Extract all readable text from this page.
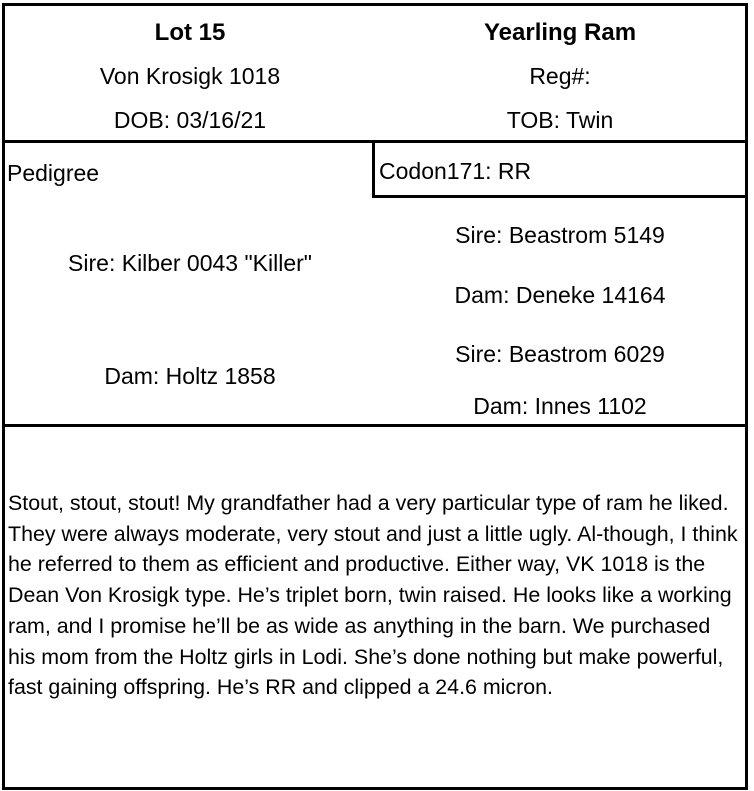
Lot 15
Von Krosigk 1018
DOB: 03/16/21
Yearling Ram
Reg#:
TOB: Twin
Pedigree	Codon171: RR
Sire: Kilber 0043 "Killer"
Dam: Holtz 1858
Sire: Beastrom 5149
Dam: Deneke 14164
Sire: Beastrom 6029
Dam: Innes 1102
Stout, stout, stout! My grandfather had a very particular type of ram he liked. They were always moderate, very stout and just a little ugly. Al-though, I think he referred to them as efficient and productive. Either way, VK 1018 is the Dean Von Krosigk type. He’s triplet born, twin raised. He looks like a working ram, and I promise he’ll be as wide as anything in the barn. We purchased his mom from the Holtz girls in Lodi. She’s done nothing but make powerful, fast gaining offspring. He’s RR and clipped a 24.6 micron.
